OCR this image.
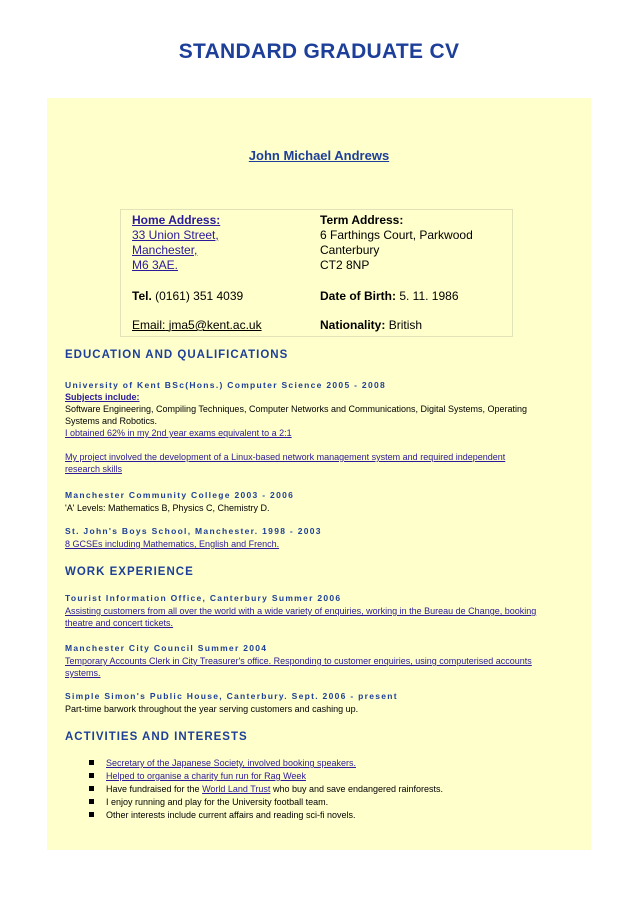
STANDARD GRADUATE CV
John Michael Andrews
Home Address:
33 Union Street,
Manchester,
M6 3AE.
Term Address:
6 Farthings Court, Parkwood
Canterbury
CT2 8NP
Tel. (0161) 351 4039	Date of Birth: 5. 11. 1986
Email: jma5@kent.ac.uk	Nationality: British
EDUCATION AND QUALIFICATIONS
University of Kent BSc(Hons.) Computer Science 2005 - 2008
Subjects include:
Software Engineering, Compiling Techniques, Computer Networks and Communications, Digital Systems, Operating
Systems and Robotics.
I obtained 62% in my 2nd year exams equivalent to a 2:1
My project involved the development of a Linux-based network management system and required independent
research skills
Manchester Community College 2003 - 2006
'A' Levels: Mathematics B, Physics C, Chemistry D.
St. John's Boys School, Manchester. 1998 - 2003
8 GCSEs including Mathematics, English and French.
WORK EXPERIENCE
Tourist Information Office, Canterbury Summer 2006
Assisting customers from all over the world with a wide variety of enquiries, working in the Bureau de Change, booking
theatre and concert tickets.
Manchester City Council Summer 2004
Temporary Accounts Clerk in City Treasurer's office. Responding to customer enquiries, using computerised accounts
systems.
Simple Simon's Public House, Canterbury. Sept. 2006 - present
Part-time barwork throughout the year serving customers and cashing up.
ACTIVITIES AND INTERESTS
Secretary of the Japanese Society, involved booking speakers.
Helped to organise a charity fun run for Rag Week
Have fundraised for the World Land Trust who buy and save endangered rainforests.
I enjoy running and play for the University football team.
Other interests include current affairs and reading sci-fi novels.
